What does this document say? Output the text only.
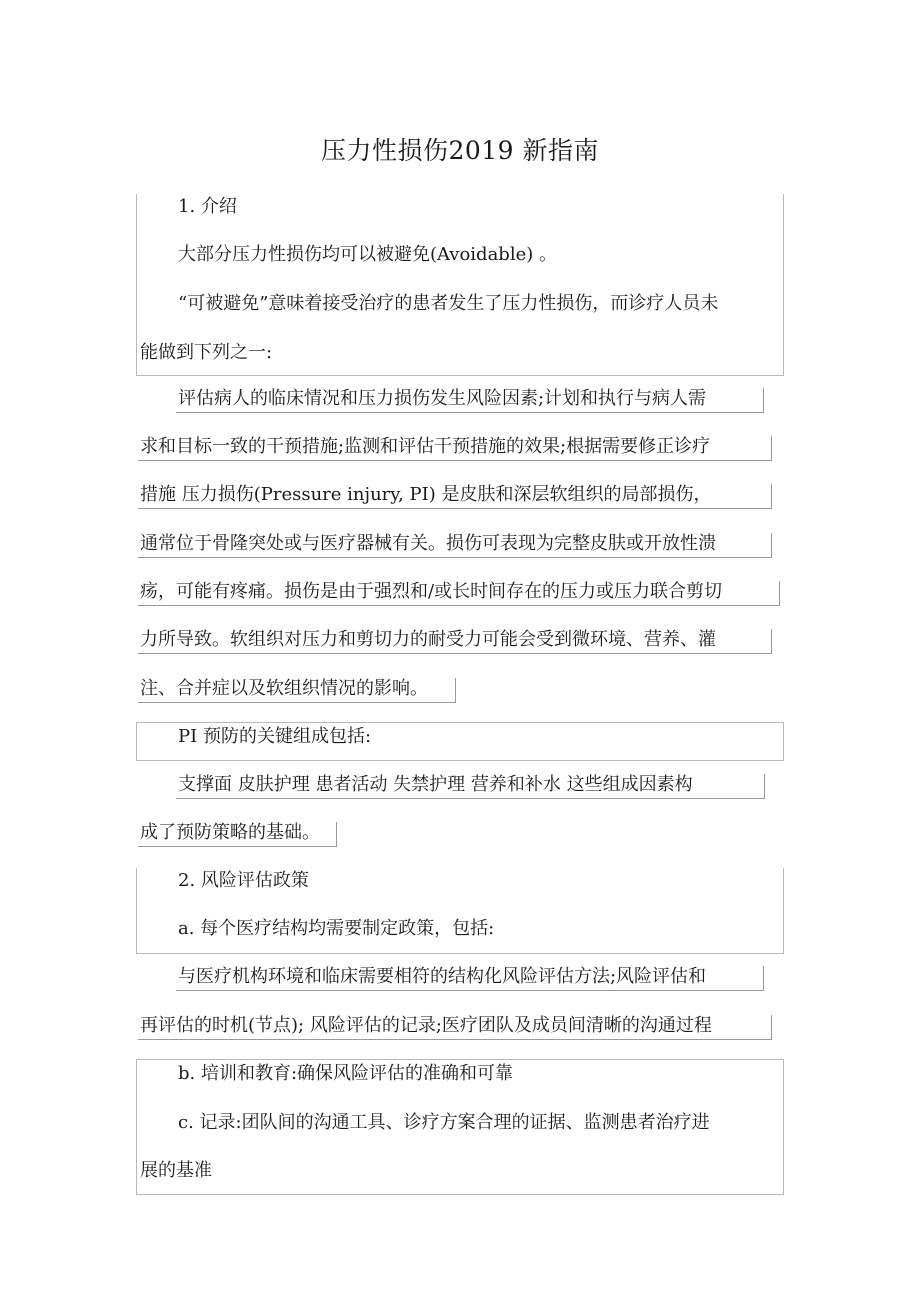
压力性损伤2019 新指南
1. 介绍
大部分压力性损伤均可以被避免(Avoidable) 。
“可被避免”意味着接受治疗的患者发生了压力性损伤，而诊疗人员未
能做到下列之一:
评估病人的临床情况和压力损伤发生风险因素;计划和执行与病人需
求和目标一致的干预措施;监测和评估干预措施的效果;根据需要修正诊疗
措施 压力损伤(Pressure injury, PI) 是皮肤和深层软组织的局部损伤，
通常位于骨隆突处或与医疗器械有关。损伤可表现为完整皮肤或开放性溃
疡，可能有疼痛。损伤是由于强烈和/或长时间存在的压力或压力联合剪切
力所导致。软组织对压力和剪切力的耐受力可能会受到微环境、营养、灌
注、合并症以及软组织情况的影响。
PI 预防的关键组成包括:
支撑面 皮肤护理 患者活动 失禁护理 营养和补水 这些组成因素构
成了预防策略的基础。
2. 风险评估政策
a. 每个医疗结构均需要制定政策，包括:
与医疗机构环境和临床需要相符的结构化风险评估方法;风险评估和
再评估的时机(节点); 风险评估的记录;医疗团队及成员间清晰的沟通过程
b. 培训和教育:确保风险评估的准确和可靠
c. 记录:团队间的沟通工具、诊疗方案合理的证据、监测患者治疗进
展的基准
